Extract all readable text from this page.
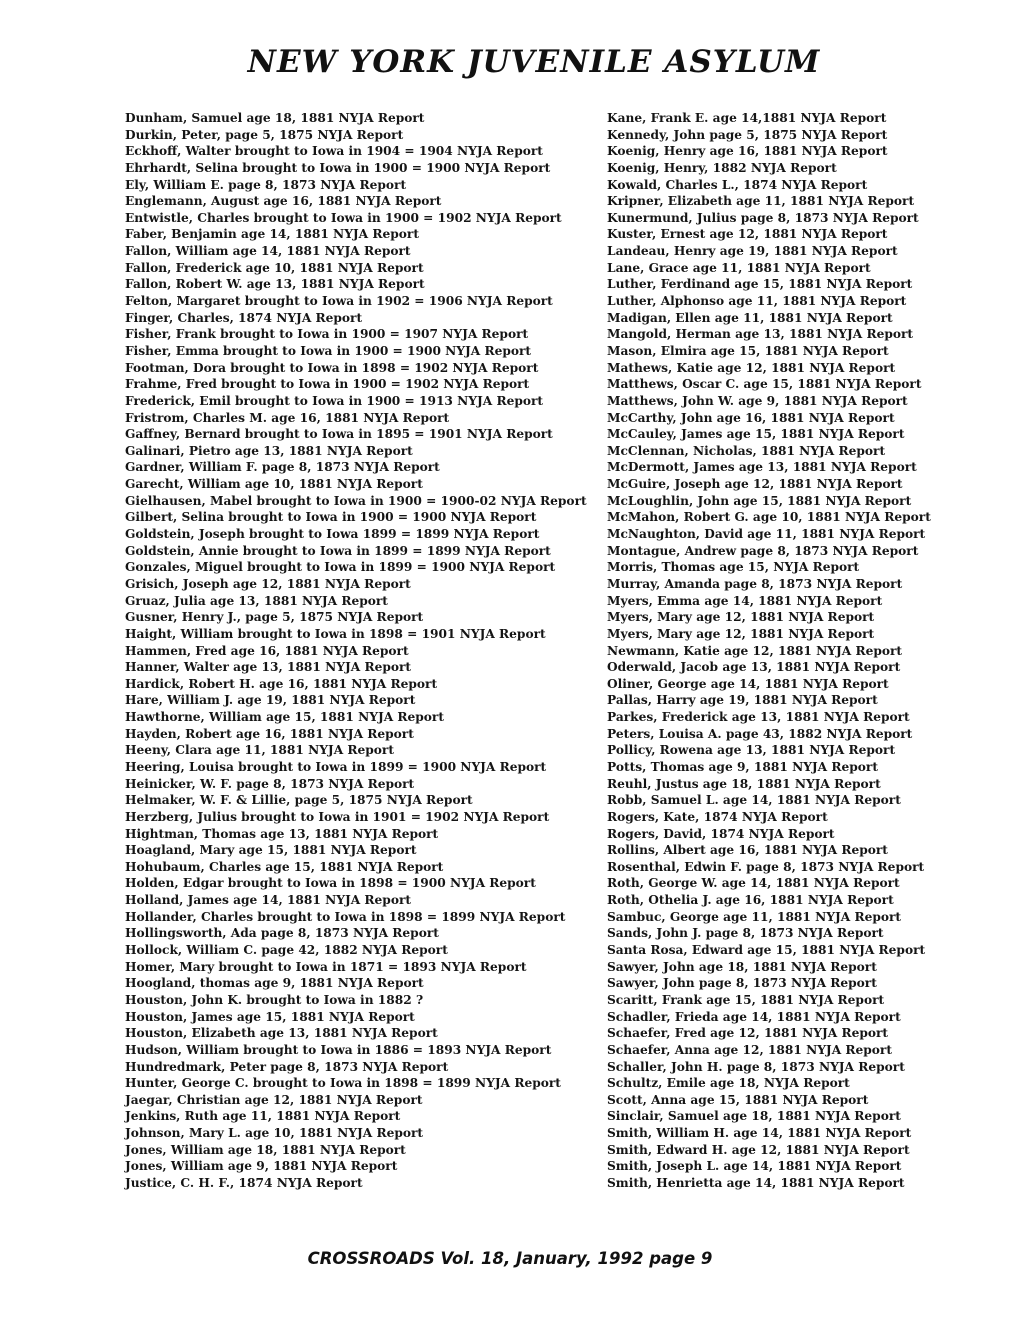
NEW YORK JUVENILE ASYLUM
Dunham, Samuel age 18, 1881 NYJA Report
Durkin, Peter, page 5, 1875 NYJA Report
Eckhoff, Walter brought to Iowa in 1904 = 1904 NYJA Report
Ehrhardt, Selina brought to Iowa in 1900 = 1900 NYJA Report
Ely, William E. page 8, 1873 NYJA Report
Englemann, August age 16, 1881 NYJA Report
Entwistle, Charles brought to Iowa in 1900 = 1902 NYJA Report
Faber, Benjamin age 14, 1881 NYJA Report
Fallon, William age 14, 1881 NYJA Report
Fallon, Frederick age 10, 1881 NYJA Report
Fallon, Robert W. age 13, 1881 NYJA Report
Felton, Margaret brought to Iowa in 1902 = 1906 NYJA Report
Finger, Charles, 1874 NYJA Report
Fisher, Frank brought to Iowa in 1900 = 1907 NYJA Report
Fisher, Emma brought to Iowa in 1900 = 1900 NYJA Report
Footman, Dora brought to Iowa in 1898 = 1902 NYJA Report
Frahme, Fred brought to Iowa in 1900 = 1902 NYJA Report
Frederick, Emil brought to Iowa in 1900 = 1913 NYJA Report
Fristrom, Charles M. age 16, 1881 NYJA Report
Gaffney, Bernard brought to Iowa in 1895 = 1901 NYJA Report
Galinari, Pietro age 13, 1881 NYJA Report
Gardner, William F. page 8, 1873 NYJA Report
Garecht, William age 10, 1881 NYJA Report
Gielhausen, Mabel brought to Iowa in 1900 = 1900-02 NYJA Report
Gilbert, Selina brought to Iowa in 1900 = 1900 NYJA Report
Goldstein, Joseph brought to Iowa 1899 = 1899 NYJA Report
Goldstein, Annie brought to Iowa in 1899 = 1899 NYJA Report
Gonzales, Miguel brought to Iowa in 1899 = 1900 NYJA Report
Grisich, Joseph age 12, 1881 NYJA Report
Gruaz, Julia age 13, 1881 NYJA Report
Gusner, Henry J., page 5, 1875 NYJA Report
Haight, William brought to Iowa in 1898 = 1901 NYJA Report
Hammen, Fred age 16, 1881 NYJA Report
Hanner, Walter age 13, 1881 NYJA Report
Hardick, Robert H. age 16, 1881 NYJA Report
Hare, William J. age 19, 1881 NYJA Report
Hawthorne, William age 15, 1881 NYJA Report
Hayden, Robert age 16, 1881 NYJA Report
Heeny, Clara age 11, 1881 NYJA Report
Heering, Louisa brought to Iowa in 1899 = 1900 NYJA Report
Heinicker, W. F. page 8, 1873 NYJA Report
Helmaker, W. F. & Lillie, page 5, 1875 NYJA Report
Herzberg, Julius brought to Iowa in 1901 = 1902 NYJA Report
Hightman, Thomas age 13, 1881 NYJA Report
Hoagland, Mary age 15, 1881 NYJA Report
Hohubaum, Charles age 15, 1881 NYJA Report
Holden, Edgar brought to Iowa in 1898 = 1900 NYJA Report
Holland, James age 14, 1881 NYJA Report
Hollander, Charles brought to Iowa in 1898 = 1899 NYJA Report
Hollingsworth, Ada page 8, 1873 NYJA Report
Hollock, William C. page 42, 1882 NYJA Report
Homer, Mary brought to Iowa in 1871 = 1893 NYJA Report
Hoogland, thomas age 9, 1881 NYJA Report
Houston, John K. brought to Iowa in 1882 ?
Houston, James age 15, 1881 NYJA Report
Houston, Elizabeth age 13, 1881 NYJA Report
Hudson, William brought to Iowa in 1886 = 1893 NYJA Report
Hundredmark, Peter page 8, 1873 NYJA Report
Hunter, George C. brought to Iowa in 1898 = 1899 NYJA Report
Jaegar, Christian age 12, 1881 NYJA Report
Jenkins, Ruth age 11, 1881 NYJA Report
Johnson, Mary L. age 10, 1881 NYJA Report
Jones, William age 18, 1881 NYJA Report
Jones, William age 9, 1881 NYJA Report
Justice, C. H. F., 1874 NYJA Report
Kane, Frank E. age 14,1881 NYJA Report
Kennedy, John page 5, 1875 NYJA Report
Koenig, Henry age 16, 1881 NYJA Report
Koenig, Henry, 1882 NYJA Report
Kowald, Charles L., 1874 NYJA Report
Kripner, Elizabeth age 11, 1881 NYJA Report
Kunermund, Julius page 8, 1873 NYJA Report
Kuster, Ernest age 12, 1881 NYJA Report
Landeau, Henry age 19, 1881 NYJA Report
Lane, Grace age 11, 1881 NYJA Report
Luther, Ferdinand age 15, 1881 NYJA Report
Luther, Alphonso age 11, 1881 NYJA Report
Madigan, Ellen age 11, 1881 NYJA Report
Mangold, Herman age 13, 1881 NYJA Report
Mason, Elmira age 15, 1881 NYJA Report
Mathews, Katie age 12, 1881 NYJA Report
Matthews, Oscar C. age 15, 1881 NYJA Report
Matthews, John W. age 9, 1881 NYJA Report
McCarthy, John age 16, 1881 NYJA Report
McCauley, James age 15, 1881 NYJA Report
McClennan, Nicholas, 1881 NYJA Report
McDermott, James age 13, 1881 NYJA Report
McGuire, Joseph age 12, 1881 NYJA Report
McLoughlin, John age 15, 1881 NYJA Report
McMahon, Robert G. age 10, 1881 NYJA Report
McNaughton, David age 11, 1881 NYJA Report
Montague, Andrew page 8, 1873 NYJA Report
Morris, Thomas age 15, NYJA Report
Murray, Amanda page 8, 1873 NYJA Report
Myers, Emma age 14, 1881 NYJA Report
Myers, Mary age 12, 1881 NYJA Report
Myers, Mary age 12, 1881 NYJA Report
Newmann, Katie age 12, 1881 NYJA Report
Oderwald, Jacob age 13, 1881 NYJA Report
Oliner, George age 14, 1881 NYJA Report
Pallas, Harry age 19, 1881 NYJA Report
Parkes, Frederick age 13, 1881 NYJA Report
Peters, Louisa A. page 43, 1882 NYJA Report
Pollicy, Rowena age 13, 1881 NYJA Report
Potts, Thomas age 9, 1881 NYJA Report
Reuhl, Justus age 18, 1881 NYJA Report
Robb, Samuel L. age 14, 1881 NYJA Report
Rogers, Kate, 1874 NYJA Report
Rogers, David, 1874 NYJA Report
Rollins, Albert age 16, 1881 NYJA Report
Rosenthal, Edwin F. page 8, 1873 NYJA Report
Roth, George W. age 14, 1881 NYJA Report
Roth, Othelia J. age 16, 1881 NYJA Report
Sambuc, George age 11, 1881 NYJA Report
Sands, John J. page 8, 1873 NYJA Report
Santa Rosa, Edward age 15, 1881 NYJA Report
Sawyer, John age 18, 1881 NYJA Report
Sawyer, John page 8, 1873 NYJA Report
Scaritt, Frank age 15, 1881 NYJA Report
Schadler, Frieda age 14, 1881 NYJA Report
Schaefer, Fred age 12, 1881 NYJA Report
Schaefer, Anna age 12, 1881 NYJA Report
Schaller, John H. page 8, 1873 NYJA Report
Schultz, Emile age 18, NYJA Report
Scott, Anna age 15, 1881 NYJA Report
Sinclair, Samuel age 18, 1881 NYJA Report
Smith, William H. age 14, 1881 NYJA Report
Smith, Edward H. age 12, 1881 NYJA Report
Smith, Joseph L. age 14, 1881 NYJA Report
Smith, Henrietta age 14, 1881 NYJA Report
CROSSROADS Vol. 18, January, 1992 page 9
